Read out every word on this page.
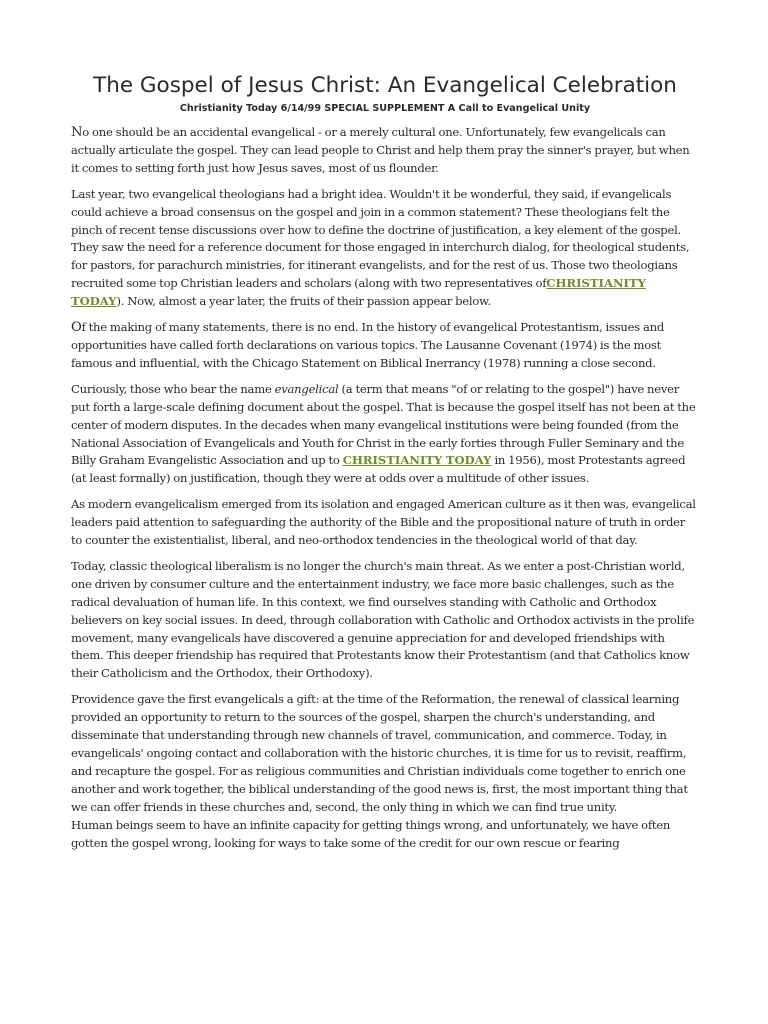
The Gospel of Jesus Christ: An Evangelical Celebration
Christianity Today 6/14/99 SPECIAL SUPPLEMENT A Call to Evangelical Unity

No one should be an accidental evangelical - or a merely cultural one. Unfortunately, few evangelicals can actually articulate the gospel. They can lead people to Christ and help them pray the sinner's prayer, but when it comes to setting forth just how Jesus saves, most of us flounder.

Last year, two evangelical theologians had a bright idea. Wouldn't it be wonderful, they said, if evangelicals could achieve a broad consensus on the gospel and join in a common statement? These theologians felt the pinch of recent tense discussions over how to define the doctrine of justification, a key element of the gospel. They saw the need for a reference document for those engaged in interchurch dialog, for theological students, for pastors, for parachurch ministries, for itinerant evangelists, and for the rest of us. Those two theologians recruited some top Christian leaders and scholars (along with two representatives ofCHRISTIANITY TODAY). Now, almost a year later, the fruits of their passion appear below.

Of the making of many statements, there is no end. In the history of evangelical Protestantism, issues and opportunities have called forth declarations on various topics. The Lausanne Covenant (1974) is the most famous and influential, with the Chicago Statement on Biblical Inerrancy (1978) running a close second.

Curiously, those who bear the name evangelical (a term that means "of or relating to the gospel") have never put forth a large-scale defining document about the gospel. That is because the gospel itself has not been at the center of modern disputes. In the decades when many evangelical institutions were being founded (from the National Association of Evangelicals and Youth for Christ in the early forties through Fuller Seminary and the Billy Graham Evangelistic Association and up to CHRISTIANITY TODAY in 1956), most Protestants agreed (at least formally) on justification, though they were at odds over a multitude of other issues.

As modern evangelicalism emerged from its isolation and engaged American culture as it then was, evangelical leaders paid attention to safeguarding the authority of the Bible and the propositional nature of truth in order to counter the existentialist, liberal, and neo-orthodox tendencies in the theological world of that day.

Today, classic theological liberalism is no longer the church's main threat. As we enter a post-Christian world, one driven by consumer culture and the entertainment industry, we face more basic challenges, such as the radical devaluation of human life. In this context, we find ourselves standing with Catholic and Orthodox believers on key social issues. In deed, through collaboration with Catholic and Orthodox activists in the prolife movement, many evangelicals have discovered a genuine appreciation for and developed friendships with them. This deeper friendship has required that Protestants know their Protestantism (and that Catholics know their Catholicism and the Orthodox, their Orthodoxy).

Providence gave the first evangelicals a gift: at the time of the Reformation, the renewal of classical learning provided an opportunity to return to the sources of the gospel, sharpen the church's understanding, and disseminate that understanding through new channels of travel, communication, and commerce. Today, in evangelicals' ongoing contact and collaboration with the historic churches, it is time for us to revisit, reaffirm, and recapture the gospel. For as religious communities and Christian individuals come together to enrich one another and work together, the biblical understanding of the good news is, first, the most important thing that we can offer friends in these churches and, second, the only thing in which we can find true unity.

Human beings seem to have an infinite capacity for getting things wrong, and unfortunately, we have often gotten the gospel wrong, looking for ways to take some of the credit for our own rescue or fearing
